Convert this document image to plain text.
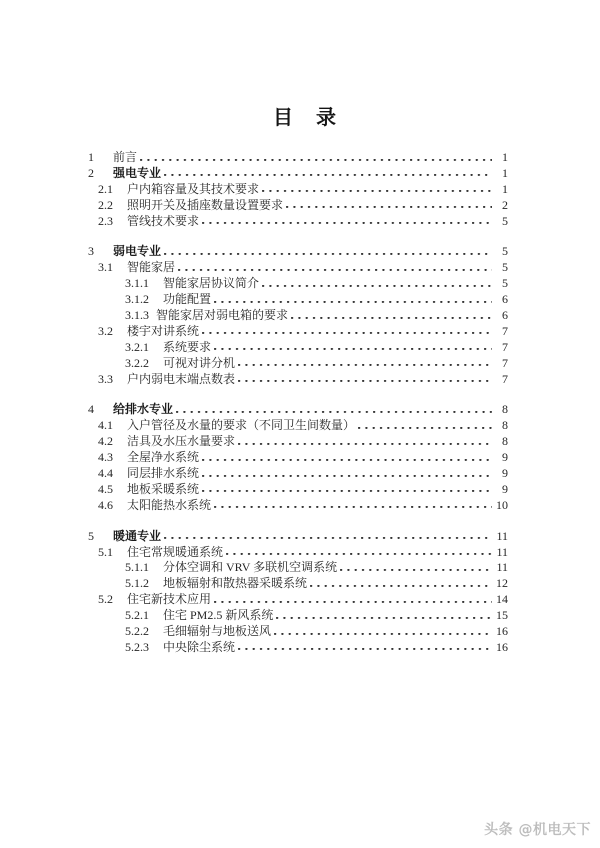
目 录
1	前言	1
2	强电专业	1
2.1	户内箱容量及其技术要求	1
2.2	照明开关及插座数量设置要求	2
2.3	管线技术要求	5
3	弱电专业	5
3.1	智能家居	5
3.1.1	智能家居协议简介	5
3.1.2	功能配置	6
3.1.3 智能家居对弱电箱的要求	6
3.2	楼宇对讲系统	7
3.2.1	系统要求	7
3.2.2	可视对讲分机	7
3.3	户内弱电末端点数表	7
4	给排水专业	8
4.1	入户管径及水量的要求（不同卫生间数量）	8
4.2	洁具及水压水量要求	8
4.3	全屋净水系统	9
4.4	同层排水系统	9
4.5	地板采暖系统	9
4.6	太阳能热水系统	10
5	暖通专业	11
5.1	住宅常规暖通系统	11
5.1.1	分体空调和 VRV 多联机空调系统	11
5.1.2	地板辐射和散热器采暖系统	12
5.2	住宅新技术应用	14
5.2.1	住宅 PM2.5 新风系统	15
5.2.2	毛细辐射与地板送风	16
5.2.3	中央除尘系统	16
头条 @机电天下
